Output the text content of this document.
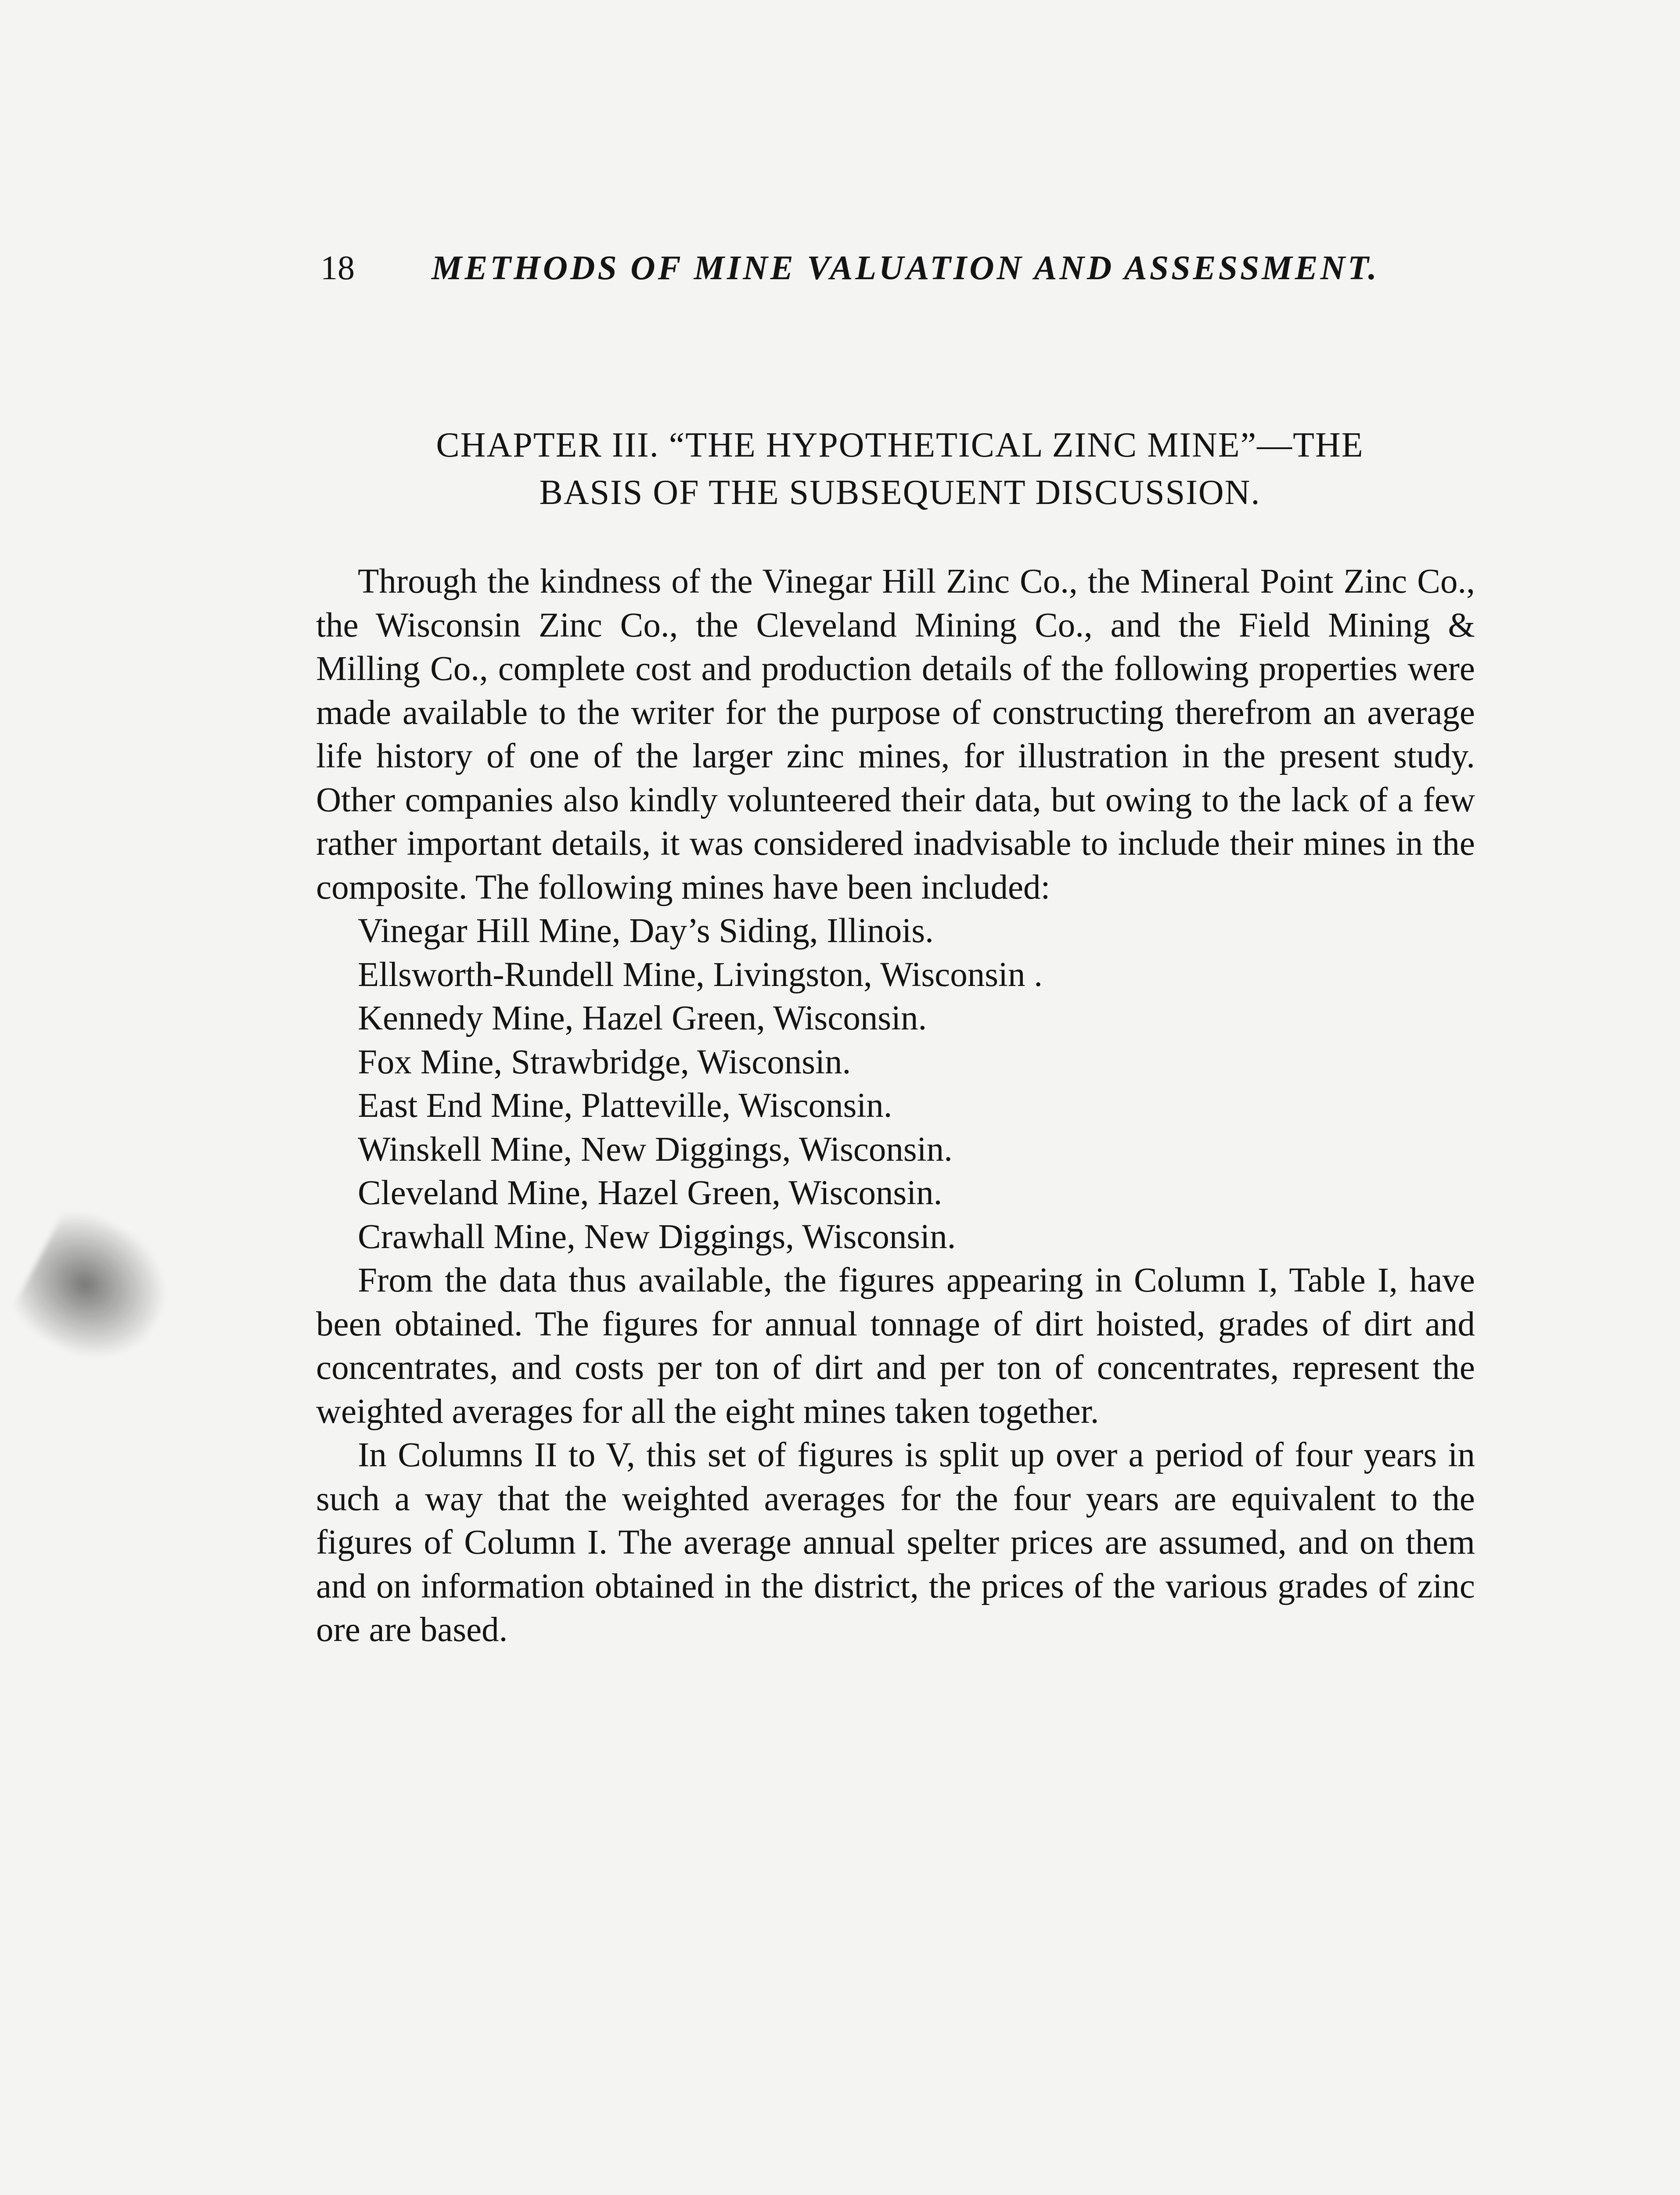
18 METHODS OF MINE VALUATION AND ASSESSMENT.
CHAPTER III. “THE HYPOTHETICAL ZINC MINE”—THE
BASIS OF THE SUBSEQUENT DISCUSSION.

Through the kindness of the Vinegar Hill Zinc Co., the Mineral Point Zinc Co., the Wisconsin Zinc Co., the Cleveland Mining Co., and the Field Mining & Milling Co., complete cost and production details of the following properties were made available to the writer for the purpose of constructing therefrom an average life history of one of the larger zinc mines, for illustration in the present study. Other companies also kindly volunteered their data, but owing to the lack of a few rather important details, it was considered inadvisable to include their mines in the composite. The following mines have been included:

Vinegar Hill Mine, Day’s Siding, Illinois.
Ellsworth-Rundell Mine, Livingston, Wisconsin .
Kennedy Mine, Hazel Green, Wisconsin.
Fox Mine, Strawbridge, Wisconsin.
East End Mine, Platteville, Wisconsin.
Winskell Mine, New Diggings, Wisconsin.
Cleveland Mine, Hazel Green, Wisconsin.
Crawhall Mine, New Diggings, Wisconsin.

From the data thus available, the figures appearing in Column I, Table I, have been obtained. The figures for annual tonnage of dirt hoisted, grades of dirt and concentrates, and costs per ton of dirt and per ton of concentrates, represent the weighted averages for all the eight mines taken together.

In Columns II to V, this set of figures is split up over a period of four years in such a way that the weighted averages for the four years are equivalent to the figures of Column I. The average annual spelter prices are assumed, and on them and on information obtained in the district, the prices of the various grades of zinc ore are based.
